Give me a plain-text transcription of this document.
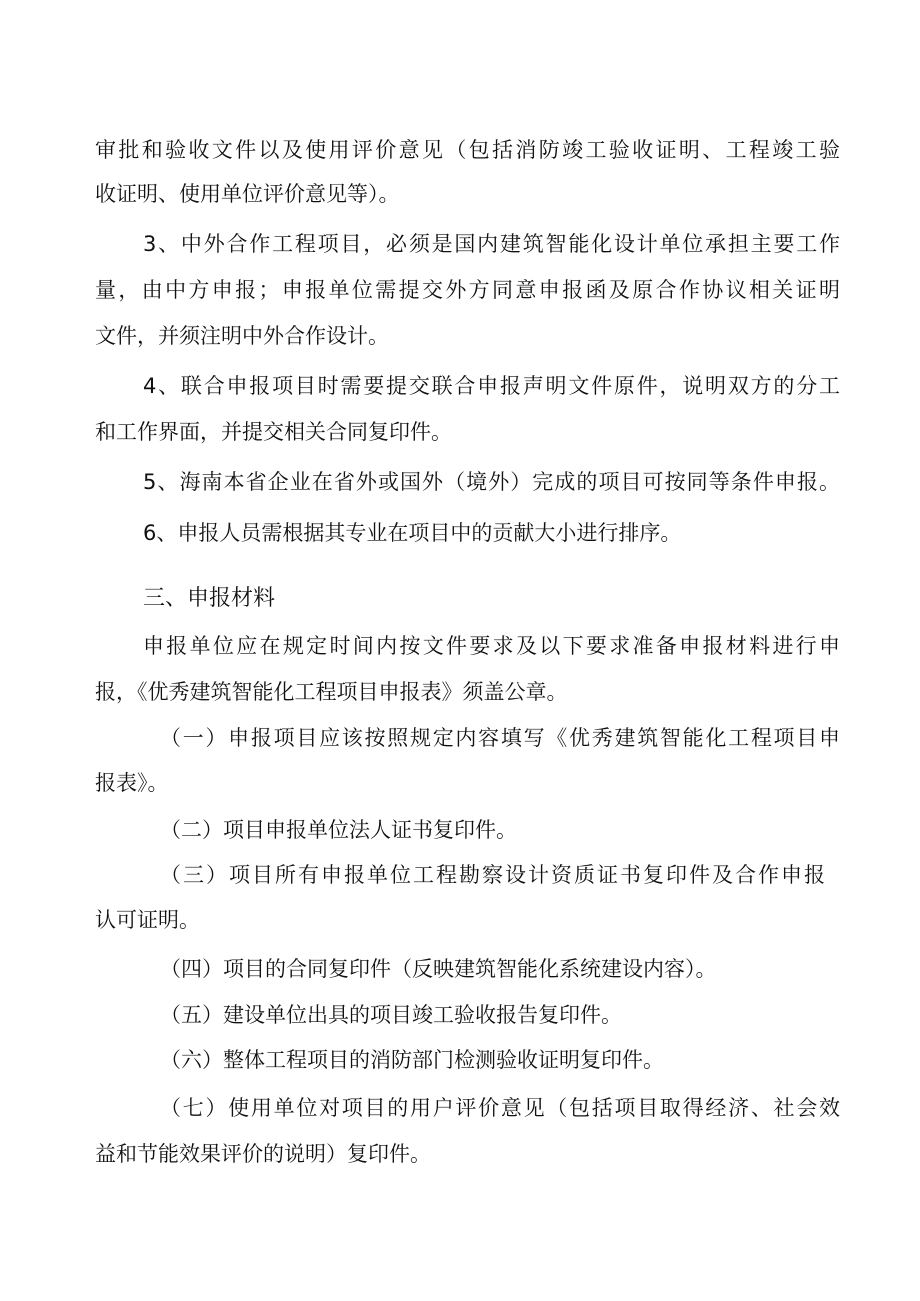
审批和验收文件以及使用评价意见（包括消防竣工验收证明、工程竣工验
收证明、使用单位评价意见等）。
3、中外合作工程项目，必须是国内建筑智能化设计单位承担主要工作
量，由中方申报；申报单位需提交外方同意申报函及原合作协议相关证明
文件，并须注明中外合作设计。
4、联合申报项目时需要提交联合申报声明文件原件，说明双方的分工
和工作界面，并提交相关合同复印件。
5、海南本省企业在省外或国外（境外）完成的项目可按同等条件申报。
6、申报人员需根据其专业在项目中的贡献大小进行排序。
三、申报材料
申报单位应在规定时间内按文件要求及以下要求准备申报材料进行申
报，《优秀建筑智能化工程项目申报表》须盖公章。
（一）申报项目应该按照规定内容填写《优秀建筑智能化工程项目申
报表》。
（二）项目申报单位法人证书复印件。
（三）项目所有申报单位工程勘察设计资质证书复印件及合作申报
认可证明。
（四）项目的合同复印件（反映建筑智能化系统建设内容）。
（五）建设单位出具的项目竣工验收报告复印件。
（六）整体工程项目的消防部门检测验收证明复印件。
（七）使用单位对项目的用户评价意见（包括项目取得经济、社会效
益和节能效果评价的说明）复印件。
